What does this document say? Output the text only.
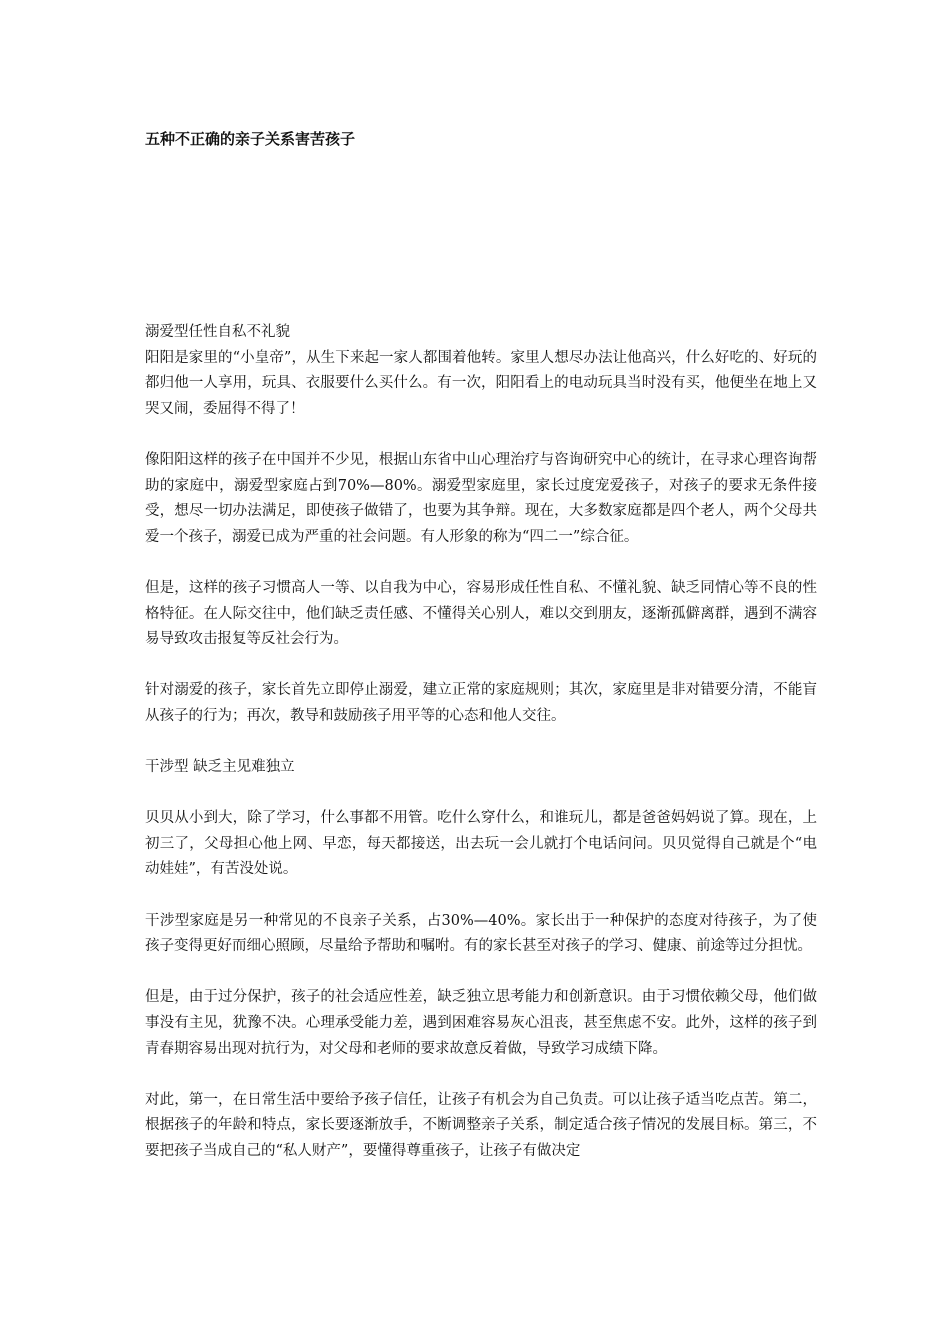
五种不正确的亲子关系害苦孩子

溺爱型任性自私不礼貌

阳阳是家里的“小皇帝”，从生下来起一家人都围着他转。家里人想尽办法让他高兴，什么好吃的、好玩的都归他一人享用，玩具、衣服要什么买什么。有一次，阳阳看上的电动玩具当时没有买，他便坐在地上又哭又闹，委屈得不得了！

像阳阳这样的孩子在中国并不少见，根据山东省中山心理治疗与咨询研究中心的统计，在寻求心理咨询帮助的家庭中，溺爱型家庭占到70%—80%。溺爱型家庭里，家长过度宠爱孩子，对孩子的要求无条件接受，想尽一切办法满足，即使孩子做错了，也要为其争辩。现在，大多数家庭都是四个老人，两个父母共爱一个孩子，溺爱已成为严重的社会问题。有人形象的称为“四二一”综合征。

但是，这样的孩子习惯高人一等、以自我为中心，容易形成任性自私、不懂礼貌、缺乏同情心等不良的性格特征。在人际交往中，他们缺乏责任感、不懂得关心别人，难以交到朋友，逐渐孤僻离群，遇到不满容易导致攻击报复等反社会行为。

针对溺爱的孩子，家长首先立即停止溺爱，建立正常的家庭规则；其次，家庭里是非对错要分清，不能盲从孩子的行为；再次，教导和鼓励孩子用平等的心态和他人交往。

干涉型 缺乏主见难独立

贝贝从小到大，除了学习，什么事都不用管。吃什么穿什么，和谁玩儿，都是爸爸妈妈说了算。现在，上初三了，父母担心他上网、早恋，每天都接送，出去玩一会儿就打个电话问问。贝贝觉得自己就是个“电动娃娃”，有苦没处说。

干涉型家庭是另一种常见的不良亲子关系，占30%—40%。家长出于一种保护的态度对待孩子，为了使孩子变得更好而细心照顾，尽量给予帮助和嘱咐。有的家长甚至对孩子的学习、健康、前途等过分担忧。

但是，由于过分保护，孩子的社会适应性差，缺乏独立思考能力和创新意识。由于习惯依赖父母，他们做事没有主见，犹豫不决。心理承受能力差，遇到困难容易灰心沮丧，甚至焦虑不安。此外，这样的孩子到青春期容易出现对抗行为，对父母和老师的要求故意反着做，导致学习成绩下降。

对此，第一，在日常生活中要给予孩子信任，让孩子有机会为自己负责。可以让孩子适当吃点苦。第二，根据孩子的年龄和特点，家长要逐渐放手，不断调整亲子关系，制定适合孩子情况的发展目标。第三，不要把孩子当成自己的“私人财产”，要懂得尊重孩子，让孩子有做决定
